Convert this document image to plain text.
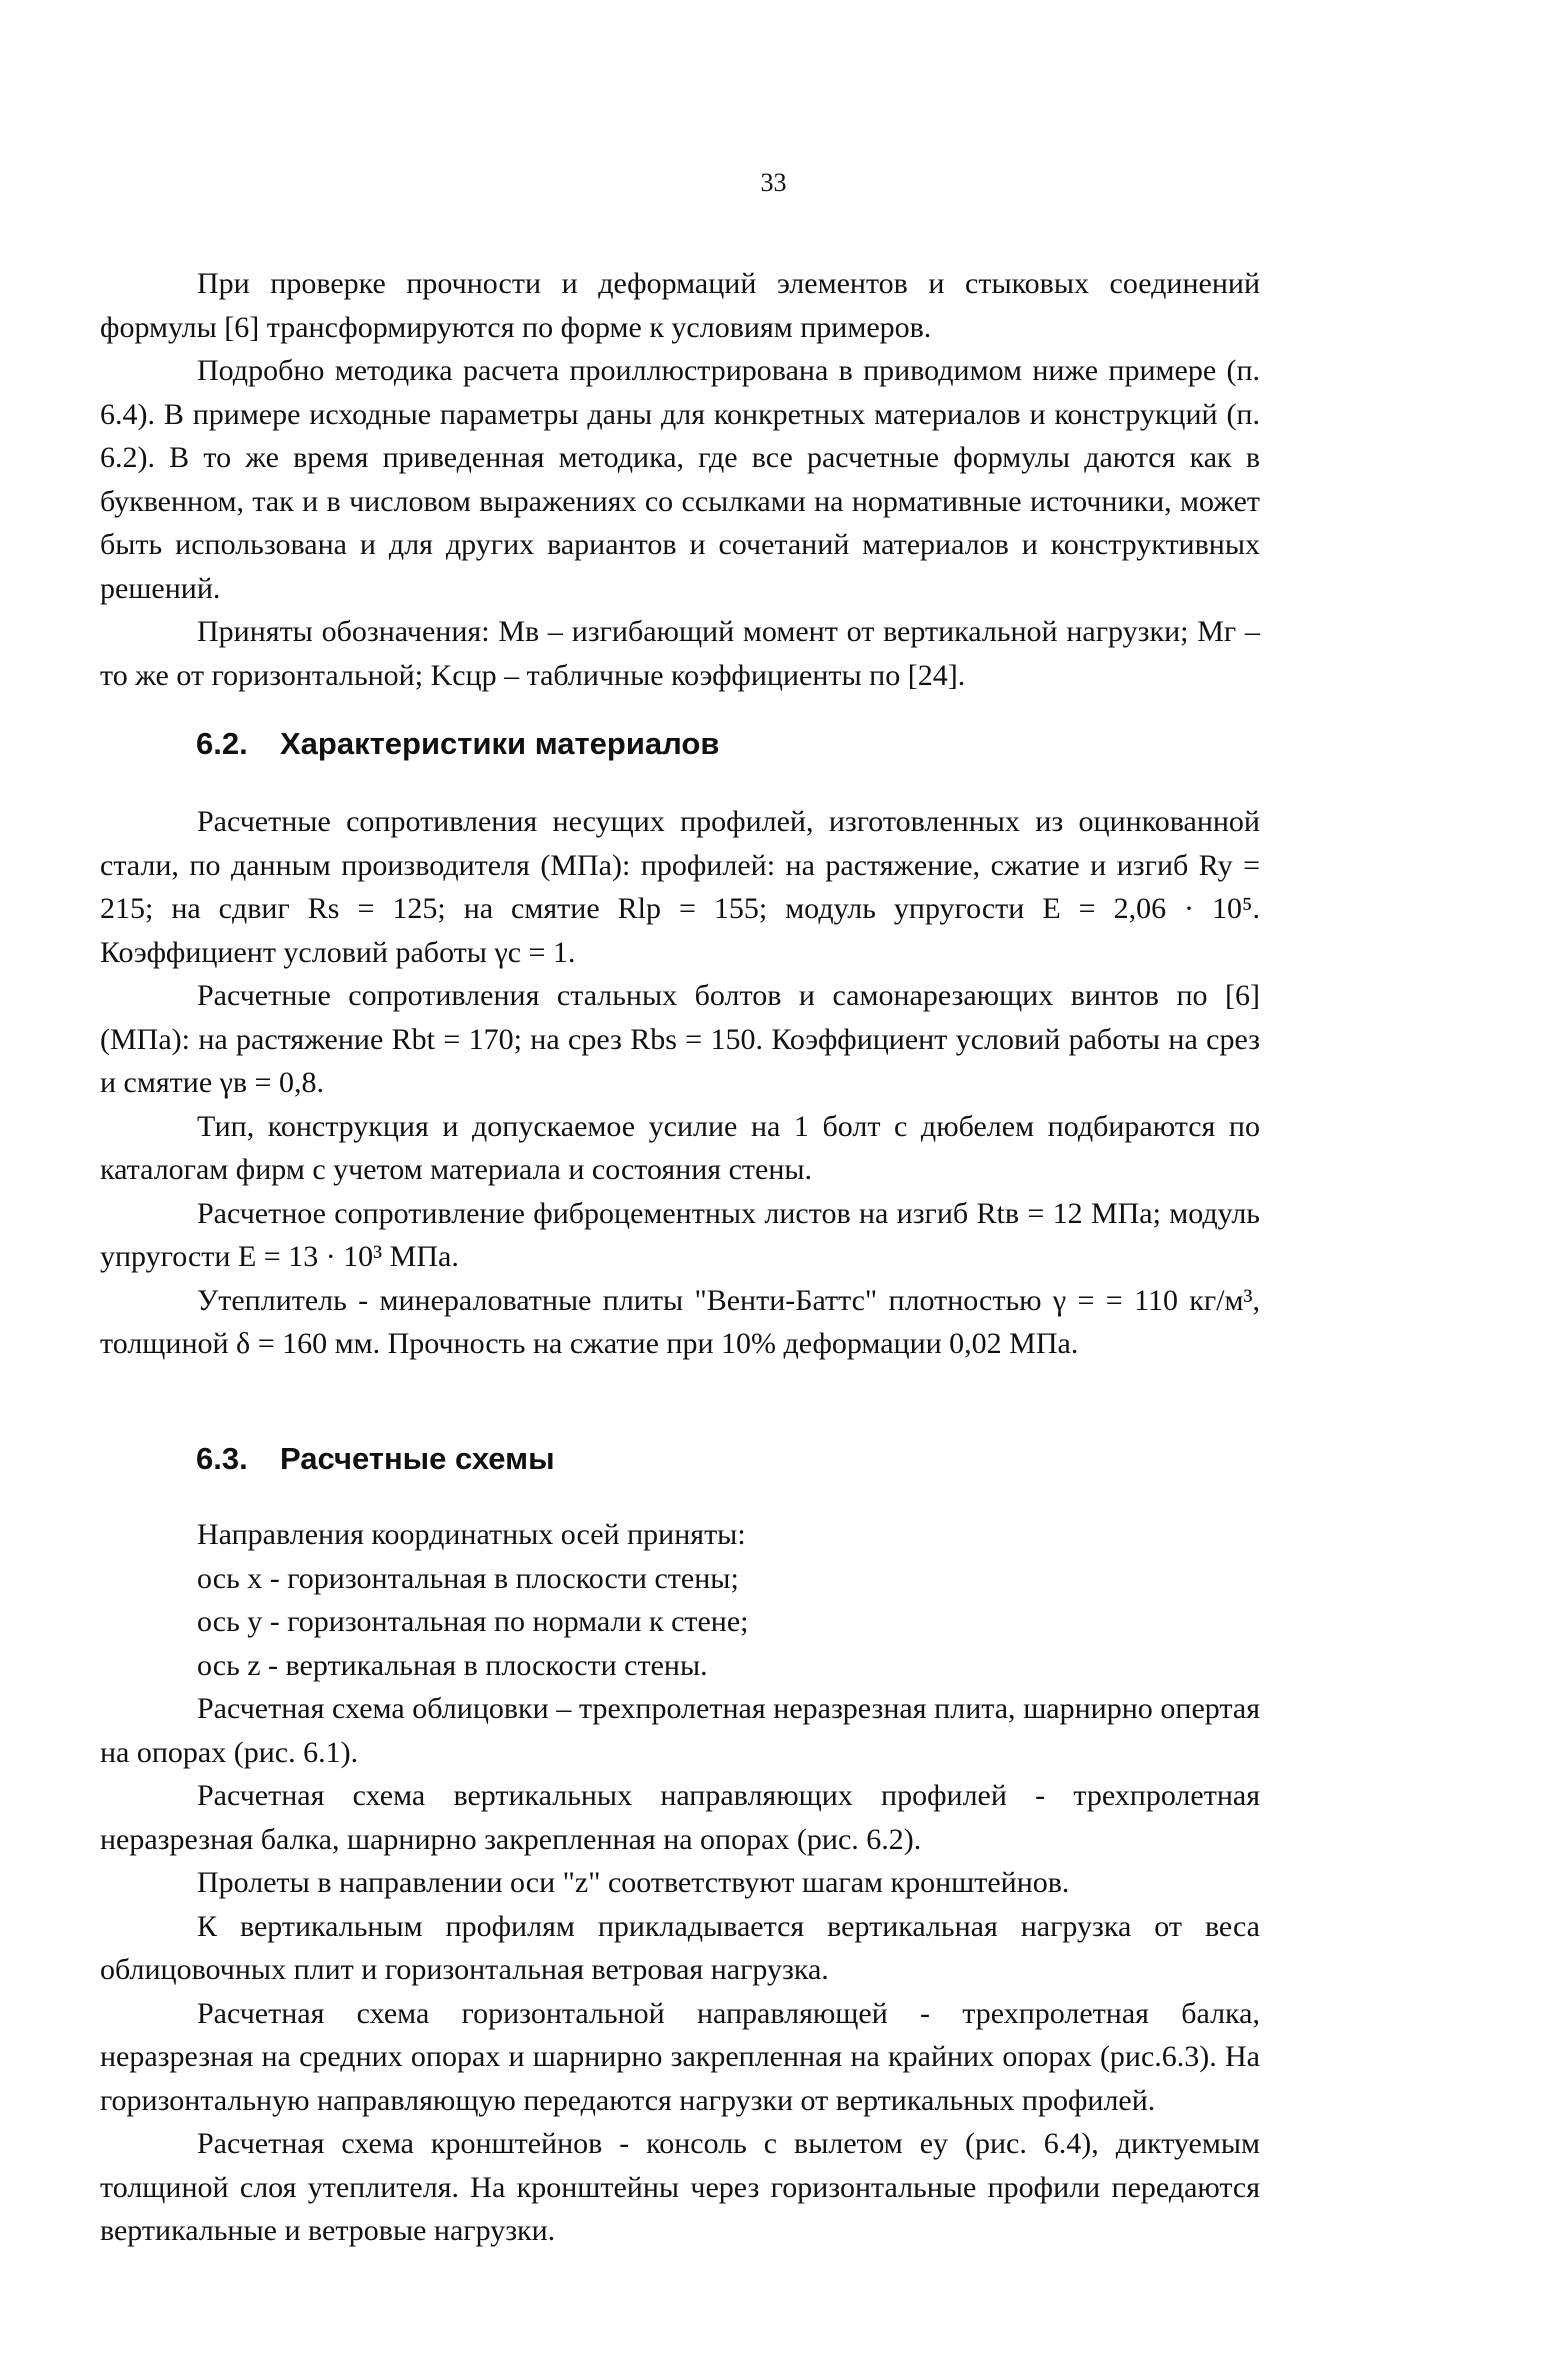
33

При проверке прочности и деформаций элементов и стыковых соединений формулы [6] трансформируются по форме к условиям примеров.

Подробно методика расчета проиллюстрирована в приводимом ниже примере (п. 6.4). В примере исходные параметры даны для конкретных материалов и конструкций (п. 6.2). В то же время приведенная методика, где все расчетные формулы даются как в буквенном, так и в числовом выражениях со ссылками на нормативные источники, может быть использована и для других вариантов и сочетаний материалов и конструктивных решений.

Приняты обозначения: Mв – изгибающий момент от вертикальной нагрузки; Mг – то же от горизонтальной; Kсцр – табличные коэффициенты по [24].

6.2. Характеристики материалов

Расчетные сопротивления несущих профилей, изготовленных из оцинкованной стали, по данным производителя (МПа): профилей: на растяжение, сжатие и изгиб Ry = 215; на сдвиг Rs = 125; на смятие Rlp = 155; модуль упругости E = 2,06 · 10⁵. Коэффициент условий работы γc = 1.

Расчетные сопротивления стальных болтов и самонарезающих винтов по [6] (МПа): на растяжение Rbt = 170; на срез Rbs = 150. Коэффициент условий работы на срез и смятие γв = 0,8.

Тип, конструкция и допускаемое усилие на 1 болт с дюбелем подбираются по каталогам фирм с учетом материала и состояния стены.

Расчетное сопротивление фиброцементных листов на изгиб Rtв = 12 МПа; модуль упругости E = 13 · 10³ МПа.

Утеплитель - минераловатные плиты "Венти-Баттс" плотностью γ = = 110 кг/м³, толщиной δ = 160 мм. Прочность на сжатие при 10% деформации 0,02 МПа.

6.3. Расчетные схемы

Направления координатных осей приняты:

ось x - горизонтальная в плоскости стены;

ось y - горизонтальная по нормали к стене;

ось z - вертикальная в плоскости стены.

Расчетная схема облицовки – трехпролетная неразрезная плита, шарнирно опертая на опорах (рис. 6.1).

Расчетная схема вертикальных направляющих профилей - трехпролетная неразрезная балка, шарнирно закрепленная на опорах (рис. 6.2).

Пролеты в направлении оси "z" соответствуют шагам кронштейнов.

К вертикальным профилям прикладывается вертикальная нагрузка от веса облицовочных плит и горизонтальная ветровая нагрузка.

Расчетная схема горизонтальной направляющей - трехпролетная балка, неразрезная на средних опорах и шарнирно закрепленная на крайних опорах (рис.6.3). На горизонтальную направляющую передаются нагрузки от вертикальных профилей.

Расчетная схема кронштейнов - консоль с вылетом ey (рис. 6.4), диктуемым толщиной слоя утеплителя. На кронштейны через горизонтальные профили передаются вертикальные и ветровые нагрузки.
